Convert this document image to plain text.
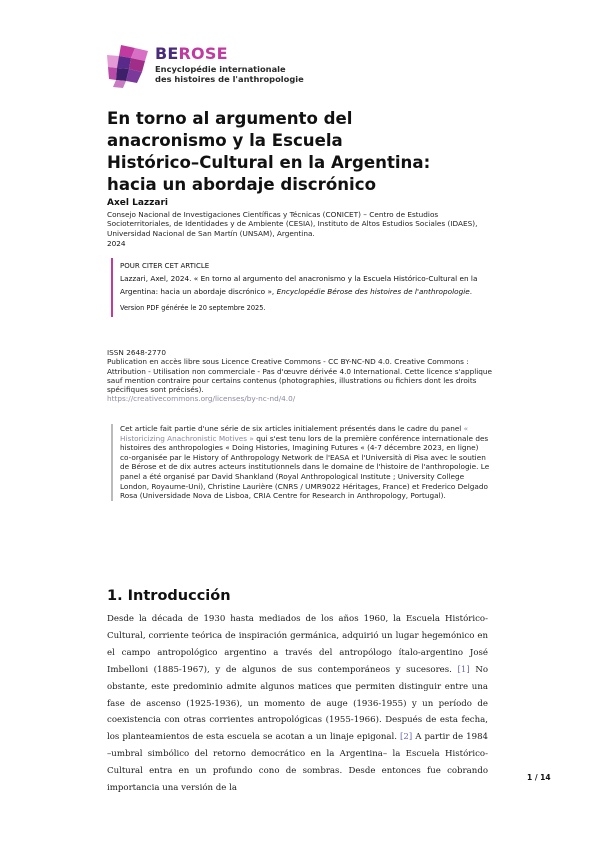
BEROSE
Encyclopédie internationale
des histoires de l'anthropologie
En torno al argumento del
anacronismo y la Escuela
Histórico–Cultural en la Argentina:
hacia un abordaje discrónico
Axel Lazzari
Consejo Nacional de Investigaciones Científicas y Técnicas (CONICET) – Centro de Estudios Socioterritoriales, de Identidades y de Ambiente (CESIA), Instituto de Altos Estudios Sociales (IDAES), Universidad Nacional de San Martín (UNSAM), Argentina.
2024
POUR CITER CET ARTICLE
Lazzari, Axel, 2024. « En torno al argumento del anacronismo y la Escuela Histórico-Cultural en la Argentina: hacia un abordaje discrónico », Encyclopédie Bérose des histoires de l'anthropologie.
Version PDF générée le 20 septembre 2025.
ISSN 2648-2770
Publication en accès libre sous Licence Creative Commons - CC BY-NC-ND 4.0. Creative Commons : Attribution - Utilisation non commerciale - Pas d'œuvre dérivée 4.0 International. Cette licence s'applique sauf mention contraire pour certains contenus (photographies, illustrations ou fichiers dont les droits spécifiques sont précisés).
https://creativecommons.org/licenses/by-nc-nd/4.0/
Cet article fait partie d'une série de six articles initialement présentés dans le cadre du panel « Historicizing Anachronistic Motives » qui s'est tenu lors de la première conférence internationale des histoires des anthropologies « Doing Histories, Imagining Futures « (4-7 décembre 2023, en ligne) co-organisée par le History of Anthropology Network de l'EASA et l'Università di Pisa avec le soutien de Bérose et de dix autres acteurs institutionnels dans le domaine de l'histoire de l'anthropologie. Le panel a été organisé par David Shankland (Royal Anthropological Institute ; University College London, Royaume-Uni), Christine Laurière (CNRS / UMR9022 Héritages, France) et Frederico Delgado Rosa (Universidade Nova de Lisboa, CRIA Centre for Research in Anthropology, Portugal).
1. Introducción
Desde la década de 1930 hasta mediados de los años 1960, la Escuela Histórico-Cultural, corriente teórica de inspiración germánica, adquirió un lugar hegemónico en el campo antropológico argentino a través del antropólogo ítalo-argentino José Imbelloni (1885-1967), y de algunos de sus contemporáneos y sucesores. [1] No obstante, este predominio admite algunos matices que permiten distinguir entre una fase de ascenso (1925-1936), un momento de auge (1936-1955) y un período de coexistencia con otras corrientes antropológicas (1955-1966). Después de esta fecha, los planteamientos de esta escuela se acotan a un linaje epigonal. [2] A partir de 1984 –umbral simbólico del retorno democrático en la Argentina– la Escuela Histórico-Cultural entra en un profundo cono de sombras. Desde entonces fue cobrando importancia una versión de la
1 / 14
